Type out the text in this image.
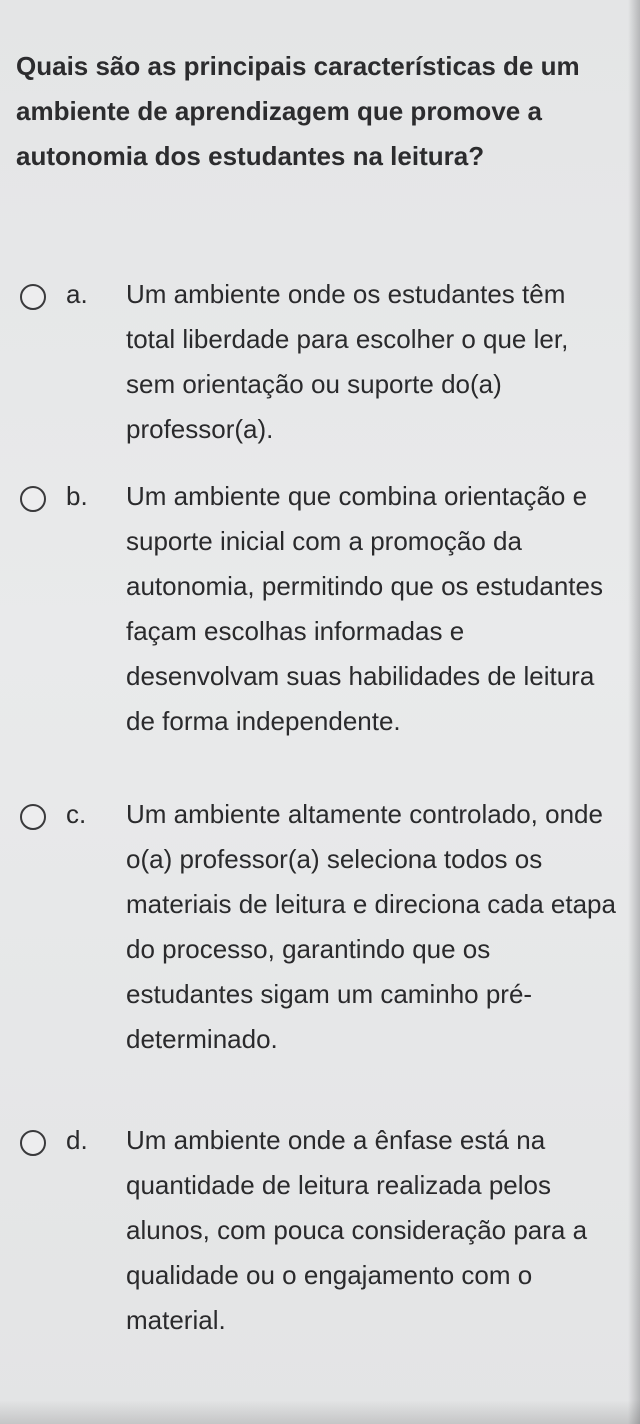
Quais são as principais características de um ambiente de aprendizagem que promove a autonomia dos estudantes na leitura?

a. Um ambiente onde os estudantes têm total liberdade para escolher o que ler, sem orientação ou suporte do(a) professor(a).
b. Um ambiente que combina orientação e suporte inicial com a promoção da autonomia, permitindo que os estudantes façam escolhas informadas e desenvolvam suas habilidades de leitura de forma independente.
c. Um ambiente altamente controlado, onde o(a) professor(a) seleciona todos os materiais de leitura e direciona cada etapa do processo, garantindo que os estudantes sigam um caminho pré-determinado.
d. Um ambiente onde a ênfase está na quantidade de leitura realizada pelos alunos, com pouca consideração para a qualidade ou o engajamento com o material.
